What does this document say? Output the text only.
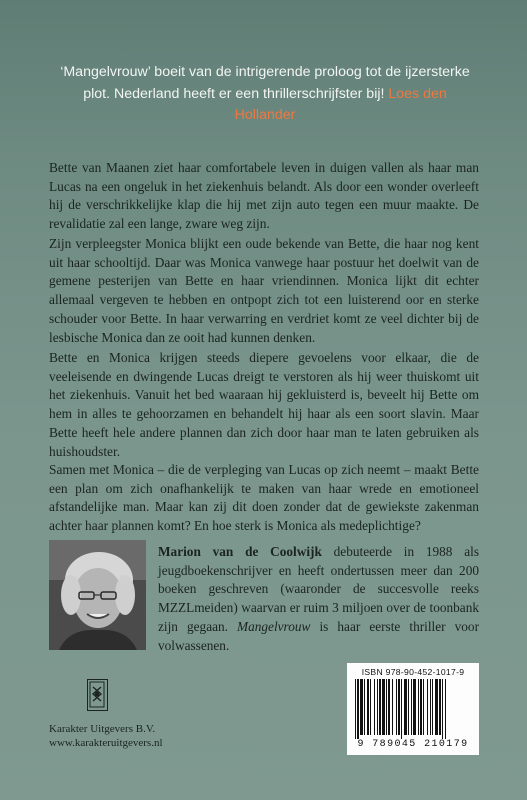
‘Mangelvrouw’ boeit van de intrigerende proloog tot de ijzersterke plot. Nederland heeft er een thrillerschrijfster bij! Loes den Hollander
Bette van Maanen ziet haar comfortabele leven in duigen vallen als haar man Lucas na een ongeluk in het ziekenhuis belandt. Als door een wonder overleeft hij de verschrikkelijke klap die hij met zijn auto tegen een muur maakte. De revalidatie zal een lange, zware weg zijn.
Zijn verpleegster Monica blijkt een oude bekende van Bette, die haar nog kent uit haar schooltijd. Daar was Monica vanwege haar postuur het doelwit van de gemene pesterijen van Bette en haar vriendinnen. Monica lijkt dit echter allemaal vergeven te hebben en ontpopt zich tot een luisterend oor en sterke schouder voor Bette. In haar verwarring en verdriet komt ze veel dichter bij de lesbische Monica dan ze ooit had kunnen denken.
Bette en Monica krijgen steeds diepere gevoelens voor elkaar, die de veeleisende en dwingende Lucas dreigt te verstoren als hij weer thuiskomt uit het ziekenhuis. Vanuit het bed waaraan hij gekluisterd is, beveelt hij Bette om hem in alles te gehoorzamen en behandelt hij haar als een soort slavin. Maar Bette heeft hele andere plannen dan zich door haar man te laten gebruiken als huishoudster.
Samen met Monica – die de verpleging van Lucas op zich neemt – maakt Bette een plan om zich onafhankelijk te maken van haar wrede en emotioneel afstandelijke man. Maar kan zij dit doen zonder dat de gewiekste zakenman achter haar plannen komt? En hoe sterk is Monica als medeplichtige?
Marion van de Coolwijk debuteerde in 1988 als jeugdboekenschrijver en heeft ondertussen meer dan 200 boeken geschreven (waaronder de succesvolle reeks MZZLmeiden) waarvan er ruim 3 miljoen over de toonbank zijn gegaan. Mangelvrouw is haar eerste thriller voor volwassenen.
Karakter Uitgevers B.V.
www.karakteruitgevers.nl
ISBN 978-90-452-1017-9
9 789045 210179
